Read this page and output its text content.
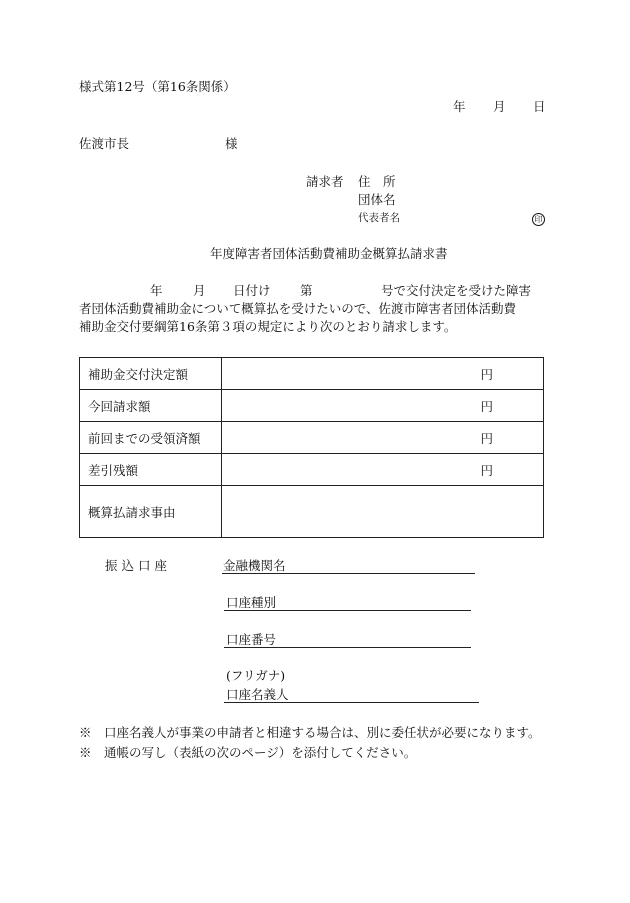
様式第12号（第16条関係）
年 月 日
佐渡市長	様
請求者 住　所
団体名
代表者名	印
年度障害者団体活動費補助金概算払請求書
年 月 日付け 第	号で交付決定を受けた障害
者団体活動費補助金について概算払を受けたいので、佐渡市障害者団体活動費
補助金交付要綱第16条第３項の規定により次のとおり請求します。
補助金交付決定額	円
今回請求額	円
前回までの受領済額	円
差引残額	円
概算払請求事由	
振 込 口 座	金融機関名
口座種別
口座番号
(フリガナ)
口座名義人
※　口座名義人が事業の申請者と相違する場合は、別に委任状が必要になります。
※　通帳の写し（表紙の次のページ）を添付してください。
